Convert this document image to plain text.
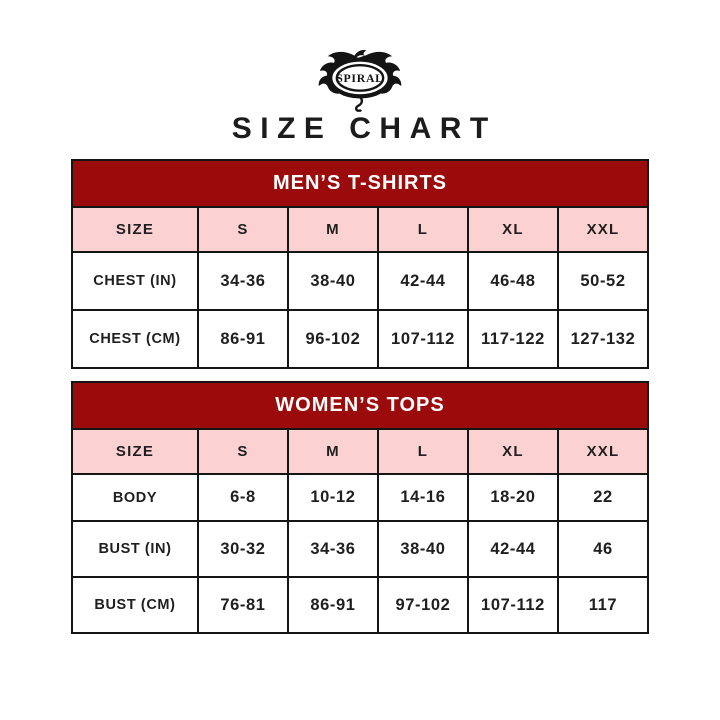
SPIRAL
SIZE CHART
MEN’S T-SHIRTS					
SIZE	S	M	L	XL	XXL
CHEST (IN)	34-36	38-40	42-44	46-48	50-52
CHEST (CM)	86-91	96-102	107-112	117-122	127-132
WOMEN’S TOPS					
SIZE	S	M	L	XL	XXL
BODY	6-8	10-12	14-16	18-20	22
BUST (IN)	30-32	34-36	38-40	42-44	46
BUST (CM)	76-81	86-91	97-102	107-112	117
